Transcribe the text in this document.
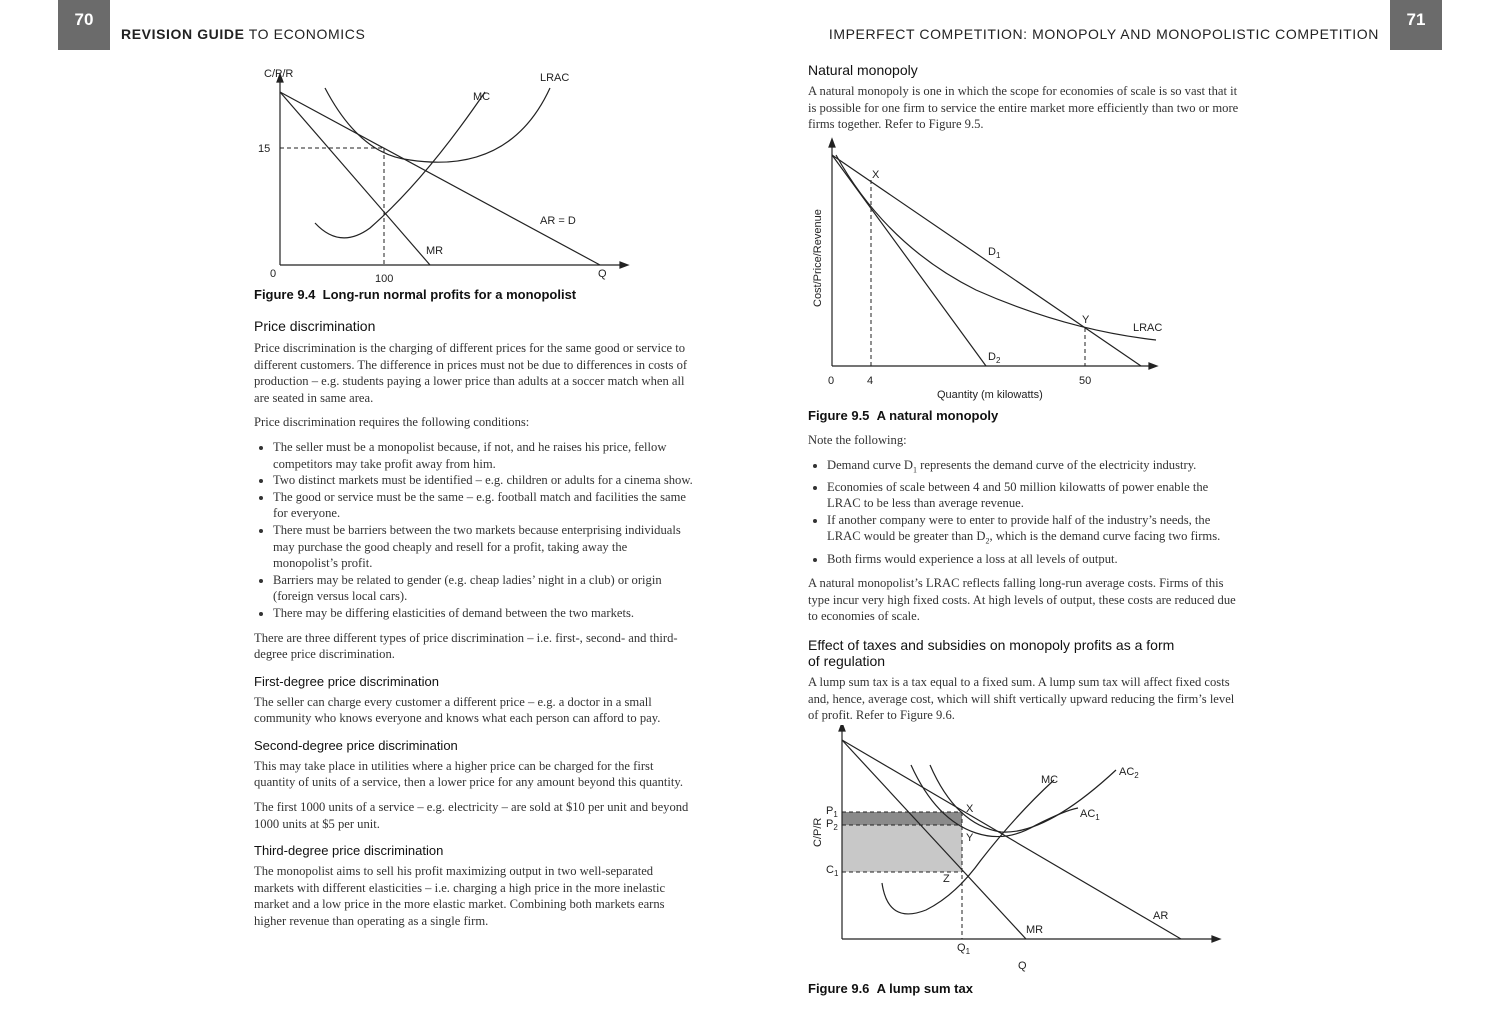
70
REVISION GUIDE TO ECONOMICS
71
IMPERFECT COMPETITION: MONOPOLY AND MONOPOLISTIC COMPETITION
C/P/R	LRAC
MC
AR = D
MR
0	Q
15
100
Figure 9.4 Long-run normal profits for a monopolist
Price discrimination

Price discrimination is the charging of different prices for the same good or service to different customers. The difference in prices must not be due to differences in costs of production – e.g. students paying a lower price than adults at a soccer match when all are seated in same area.

Price discrimination requires the following conditions:

• The seller must be a monopolist because, if not, and he raises his price, fellow competitors may take profit away from him.
• Two distinct markets must be identified – e.g. children or adults for a cinema show.
• The good or service must be the same – e.g. football match and facilities the same for everyone.
• There must be barriers between the two markets because enterprising individuals may purchase the good cheaply and resell for a profit, taking away the monopolist’s profit.
• Barriers may be related to gender (e.g. cheap ladies’ night in a club) or origin (foreign versus local cars).
• There may be differing elasticities of demand between the two markets.

There are three different types of price discrimination – i.e. first-, second- and third-degree price discrimination.

First-degree price discrimination

The seller can charge every customer a different price – e.g. a doctor in a small community who knows everyone and knows what each person can afford to pay.

Second-degree price discrimination

This may take place in utilities where a higher price can be charged for the first quantity of units of a service, then a lower price for any amount beyond this quantity.

The first 1000 units of a service – e.g. electricity – are sold at $10 per unit and beyond 1000 units at $5 per unit.

Third-degree price discrimination

The monopolist aims to sell his profit maximizing output in two well-separated markets with different elasticities – i.e. charging a high price in the more inelastic market and a low price in the more elastic market. Combining both markets earns higher revenue than operating as a single firm.

Natural monopoly

A natural monopoly is one in which the scope for economies of scale is so vast that it is possible for one firm to service the entire market more efficiently than two or more firms together. Refer to Figure 9.5.

Cost/Price/Revenue
X
Y
$D_1$
$D_2$
LRAC
0	4	50
Quantity (m kilowatts)
Figure 9.5 A natural monopoly

Note the following:

• Demand curve $D_1$ represents the demand curve of the electricity industry.
• Economies of scale between 4 and 50 million kilowatts of power enable the LRAC to be less than average revenue.
• If another company were to enter to provide half of the industry’s needs, the LRAC would be greater than $D_2$, which is the demand curve facing two firms.
• Both firms would experience a loss at all levels of output.

A natural monopolist’s LRAC reflects falling long-run average costs. Firms of this type incur very high fixed costs. At high levels of output, these costs are reduced due to economies of scale.

Effect of taxes and subsidies on monopoly profits as a form
of regulation

A lump sum tax is a tax equal to a fixed sum. A lump sum tax will affect fixed costs and, hence, average cost, which will shift vertically upward reducing the firm’s level of profit. Refer to Figure 9.6.

C/P/R
$P_1$
$P_2$
$C_1$
X
Y
Z
MC
$AC_2$
$AC_1$
AR
MR
$Q_1$
Q
Figure 9.6 A lump sum tax
